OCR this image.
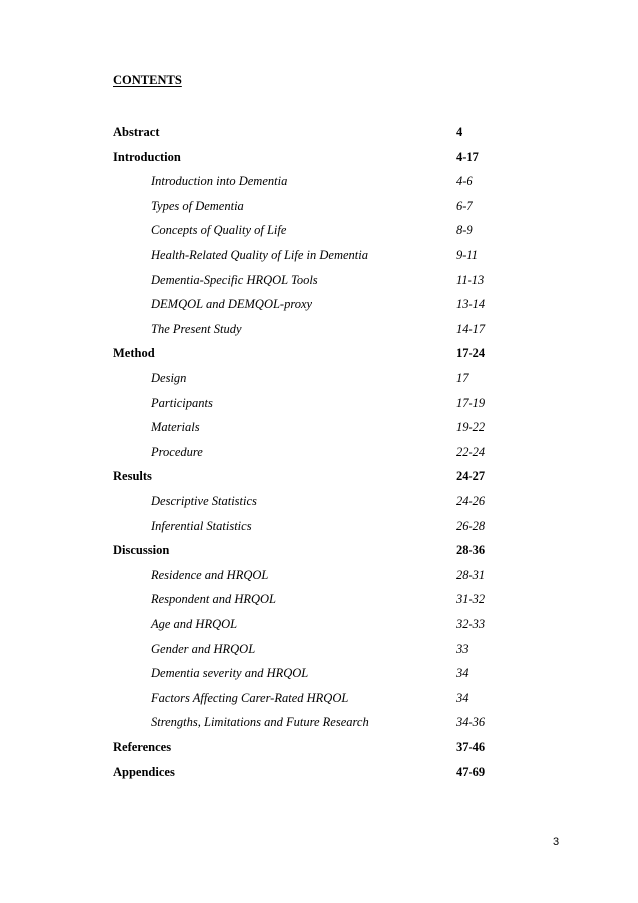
CONTENTS
Abstract	4
Introduction	4-17
Introduction into Dementia	4-6
Types of Dementia	6-7
Concepts of Quality of Life	8-9
Health-Related Quality of Life in Dementia	9-11
Dementia-Specific HRQOL Tools	11-13
DEMQOL and DEMQOL-proxy	13-14
The Present Study	14-17
Method	17-24
Design	17
Participants	17-19
Materials	19-22
Procedure	22-24
Results	24-27
Descriptive Statistics	24-26
Inferential Statistics	26-28
Discussion	28-36
Residence and HRQOL	28-31
Respondent and HRQOL	31-32
Age and HRQOL	32-33
Gender and HRQOL	33
Dementia severity and HRQOL	34
Factors Affecting Carer-Rated HRQOL	34
Strengths, Limitations and Future Research	34-36
References	37-46
Appendices	47-69
3
